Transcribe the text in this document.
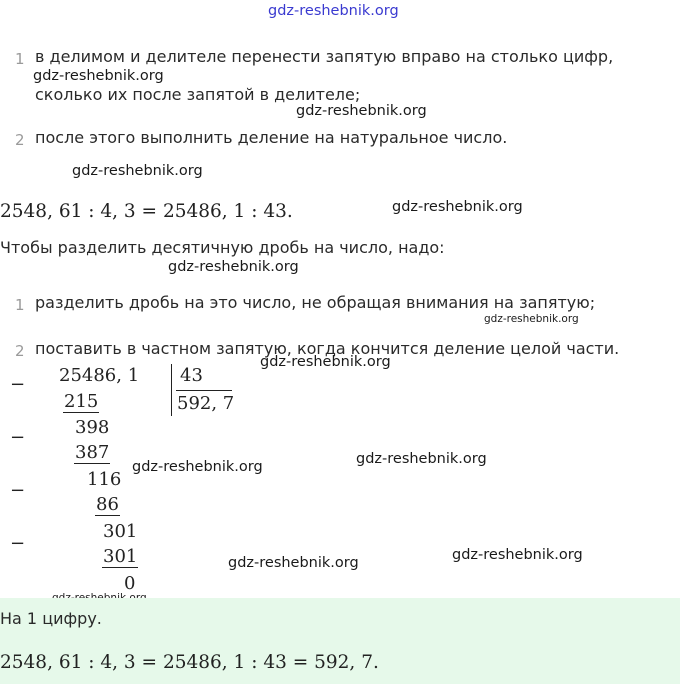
gdz-reshebnik.org
1 в делимом и делителе перенести запятую вправо на столько цифр,
gdz-reshebnik.org
сколько их после запятой в делителе;
gdz-reshebnik.org
2 после этого выполнить деление на натуральное число.
gdz-reshebnik.org
2548, 61 : 4, 3 = 25486, 1 : 43.	gdz-reshebnik.org
Чтобы разделить десятичную дробь на число, надо:
gdz-reshebnik.org
1 разделить дробь на это число, не обращая внимания на запятую;
gdz-reshebnik.org
2 поставить в частном запятую, когда кончится деление целой части.
− 25486, 1 43
592, 7
215
−	398
387
−
116
86
−
301
301
0
gdz-reshebnik.org
gdz-reshebnik.org	gdz-reshebnik.org
gdz-reshebnik.org	gdz-reshebnik.org
На 1 цифру.
2548, 61 : 4, 3 = 25486, 1 : 43 = 592, 7.
